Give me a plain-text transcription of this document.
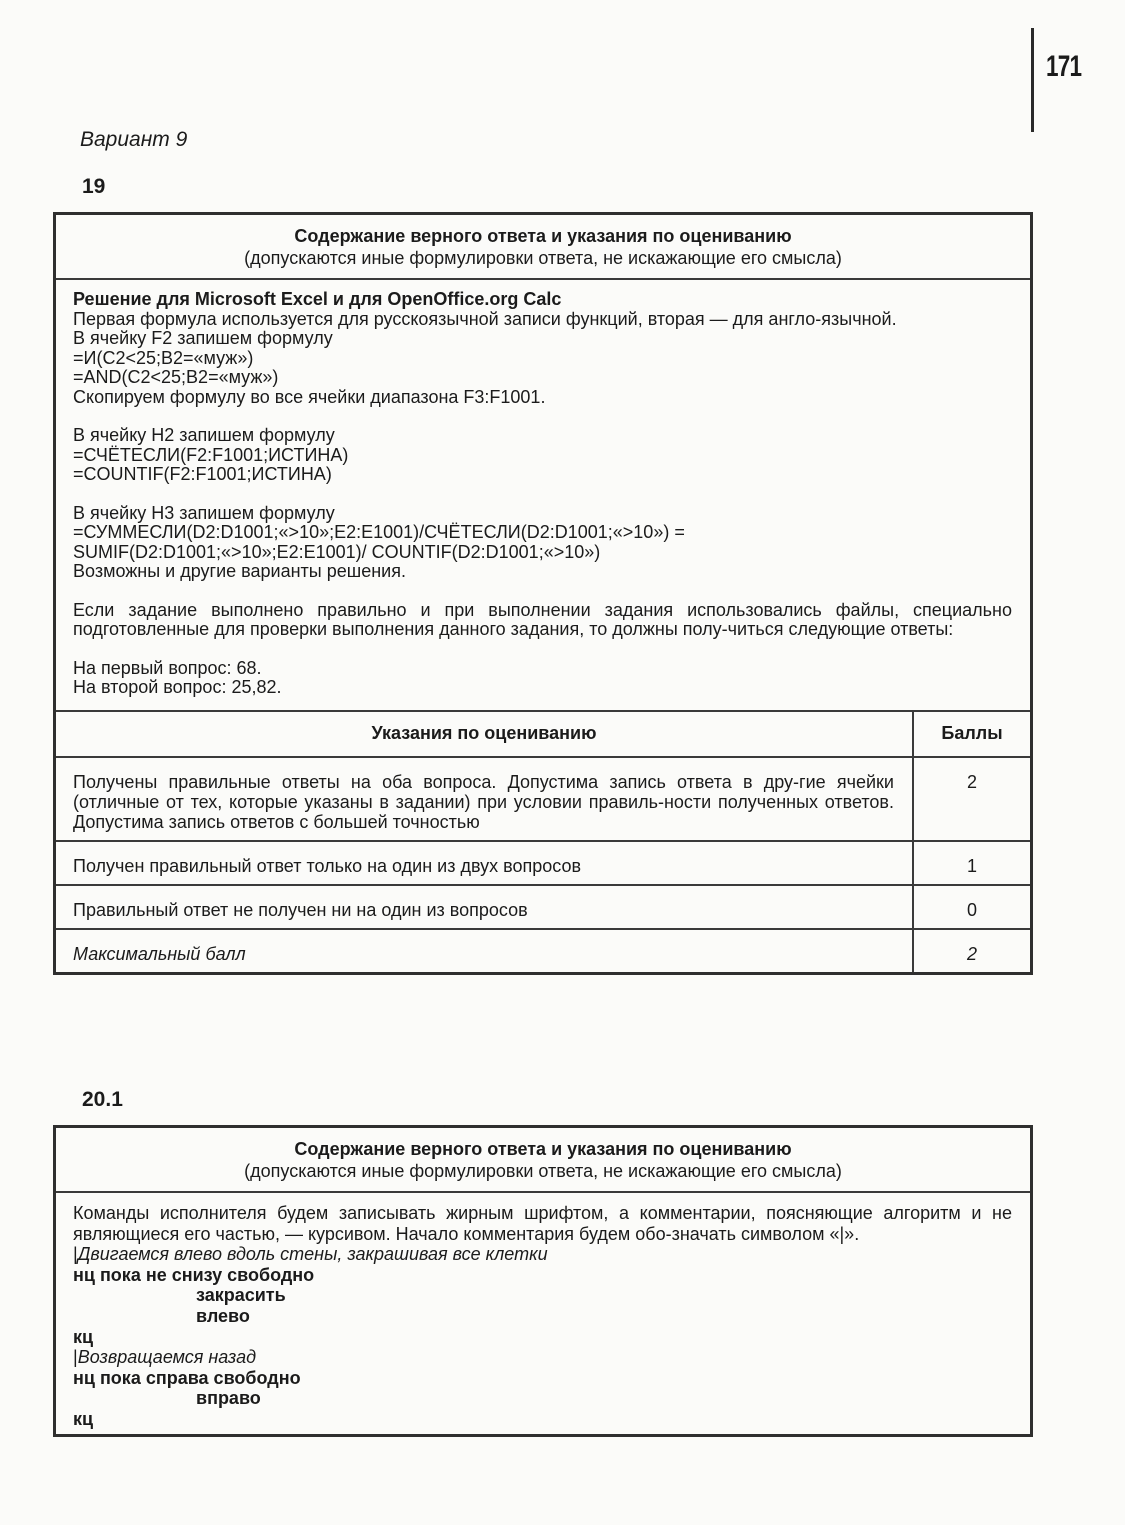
171
Вариант 9
19
Содержание верного ответа и указания по оцениванию
(допускаются иные формулировки ответа, не искажающие его смысла)
Решение для Microsoft Excel и для OpenOffice.org Calc
Первая формула используется для русскоязычной записи функций, вторая — для англо-язычной.
В ячейку F2 запишем формулу
=И(C2<25;B2=«муж»)
=AND(C2<25;B2=«муж»)
Скопируем формулу во все ячейки диапазона F3:F1001.
В ячейку H2 запишем формулу
=СЧЁТЕСЛИ(F2:F1001;ИСТИНА)
=COUNTIF(F2:F1001;ИСТИНА)
В ячейку H3 запишем формулу
=СУММЕСЛИ(D2:D1001;«>10»;E2:E1001)/СЧЁТЕСЛИ(D2:D1001;«>10») =
SUMIF(D2:D1001;«>10»;E2:E1001)/ COUNTIF(D2:D1001;«>10»)
Возможны и другие варианты решения.
Если задание выполнено правильно и при выполнении задания использовались файлы, специально подготовленные для проверки выполнения данного задания, то должны полу-читься следующие ответы:
На первый вопрос: 68.
На второй вопрос: 25,82.
Указания по оцениванию	Баллы
Получены правильные ответы на оба вопроса. Допустима запись ответа в дру-гие ячейки (отличные от тех, которые указаны в задании) при условии правиль-ности полученных ответов. Допустима запись ответов с большей точностью	2
Получен правильный ответ только на один из двух вопросов	1
Правильный ответ не получен ни на один из вопросов	0
Максимальный балл	2
20.1
Содержание верного ответа и указания по оцениванию
(допускаются иные формулировки ответа, не искажающие его смысла)
Команды исполнителя будем записывать жирным шрифтом, а комментарии, поясняющие алгоритм и не являющиеся его частью, — курсивом. Начало комментария будем обо-значать символом «|».
|Двигаемся влево вдоль стены, закрашивая все клетки
нц пока не снизу свободно
закрасить
влево
кц
|Возвращаемся назад
нц пока справа свободно
вправо
кц
